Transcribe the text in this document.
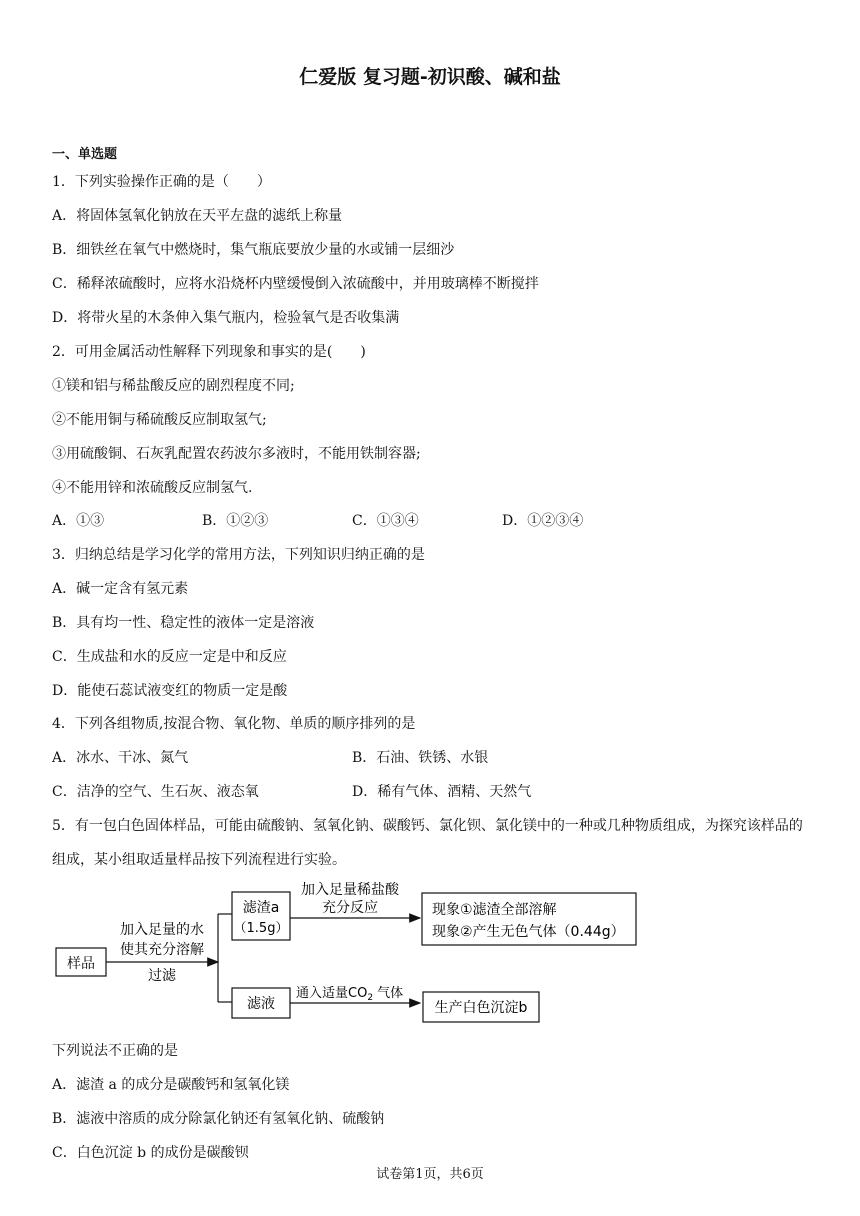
仁爱版 复习题-初识酸、碱和盐
一、单选题
1．下列实验操作正确的是（　　）
A．将固体氢氧化钠放在天平左盘的滤纸上称量
B．细铁丝在氧气中燃烧时，集气瓶底要放少量的水或铺一层细沙
C．稀释浓硫酸时，应将水沿烧杯内壁缓慢倒入浓硫酸中，并用玻璃棒不断搅拌
D．将带火星的木条伸入集气瓶内，检验氧气是否收集满
2．可用金属活动性解释下列现象和事实的是(　　)
①镁和铝与稀盐酸反应的剧烈程度不同;
②不能用铜与稀硫酸反应制取氢气;
③用硫酸铜、石灰乳配置农药波尔多液时，不能用铁制容器;
④不能用锌和浓硫酸反应制氢气.
A．①③	B．①②③	C．①③④	D．①②③④
3．归纳总结是学习化学的常用方法，下列知识归纳正确的是
A．碱一定含有氢元素
B．具有均一性、稳定性的液体一定是溶液
C．生成盐和水的反应一定是中和反应
D．能使石蕊试液变红的物质一定是酸
4．下列各组物质,按混合物、氧化物、单质的顺序排列的是
A．冰水、干冰、氮气	B．石油、铁锈、水银
C．洁净的空气、生石灰、液态氧	D．稀有气体、酒精、天然气
5．有一包白色固体样品，可能由硫酸钠、氢氧化钠、碳酸钙、氯化钡、氯化镁中的一种或几种物质组成，为探究该样品的组成，某小组取适量样品按下列流程进行实验。
样品
加入足量的水
使其充分溶解
过滤
滤渣a
（1.5g）
加入足量稀盐酸
充分反应	现象①滤渣全部溶解
现象②产生无色气体（0.44g）
滤液
通入适量$CO_2$ 气体
生产白色沉淀b
下列说法不正确的是
A．滤渣 a 的成分是碳酸钙和氢氧化镁
B．滤液中溶质的成分除氯化钠还有氢氧化钠、硫酸钠
C．白色沉淀 b 的成份是碳酸钡
试卷第1页，共6页
